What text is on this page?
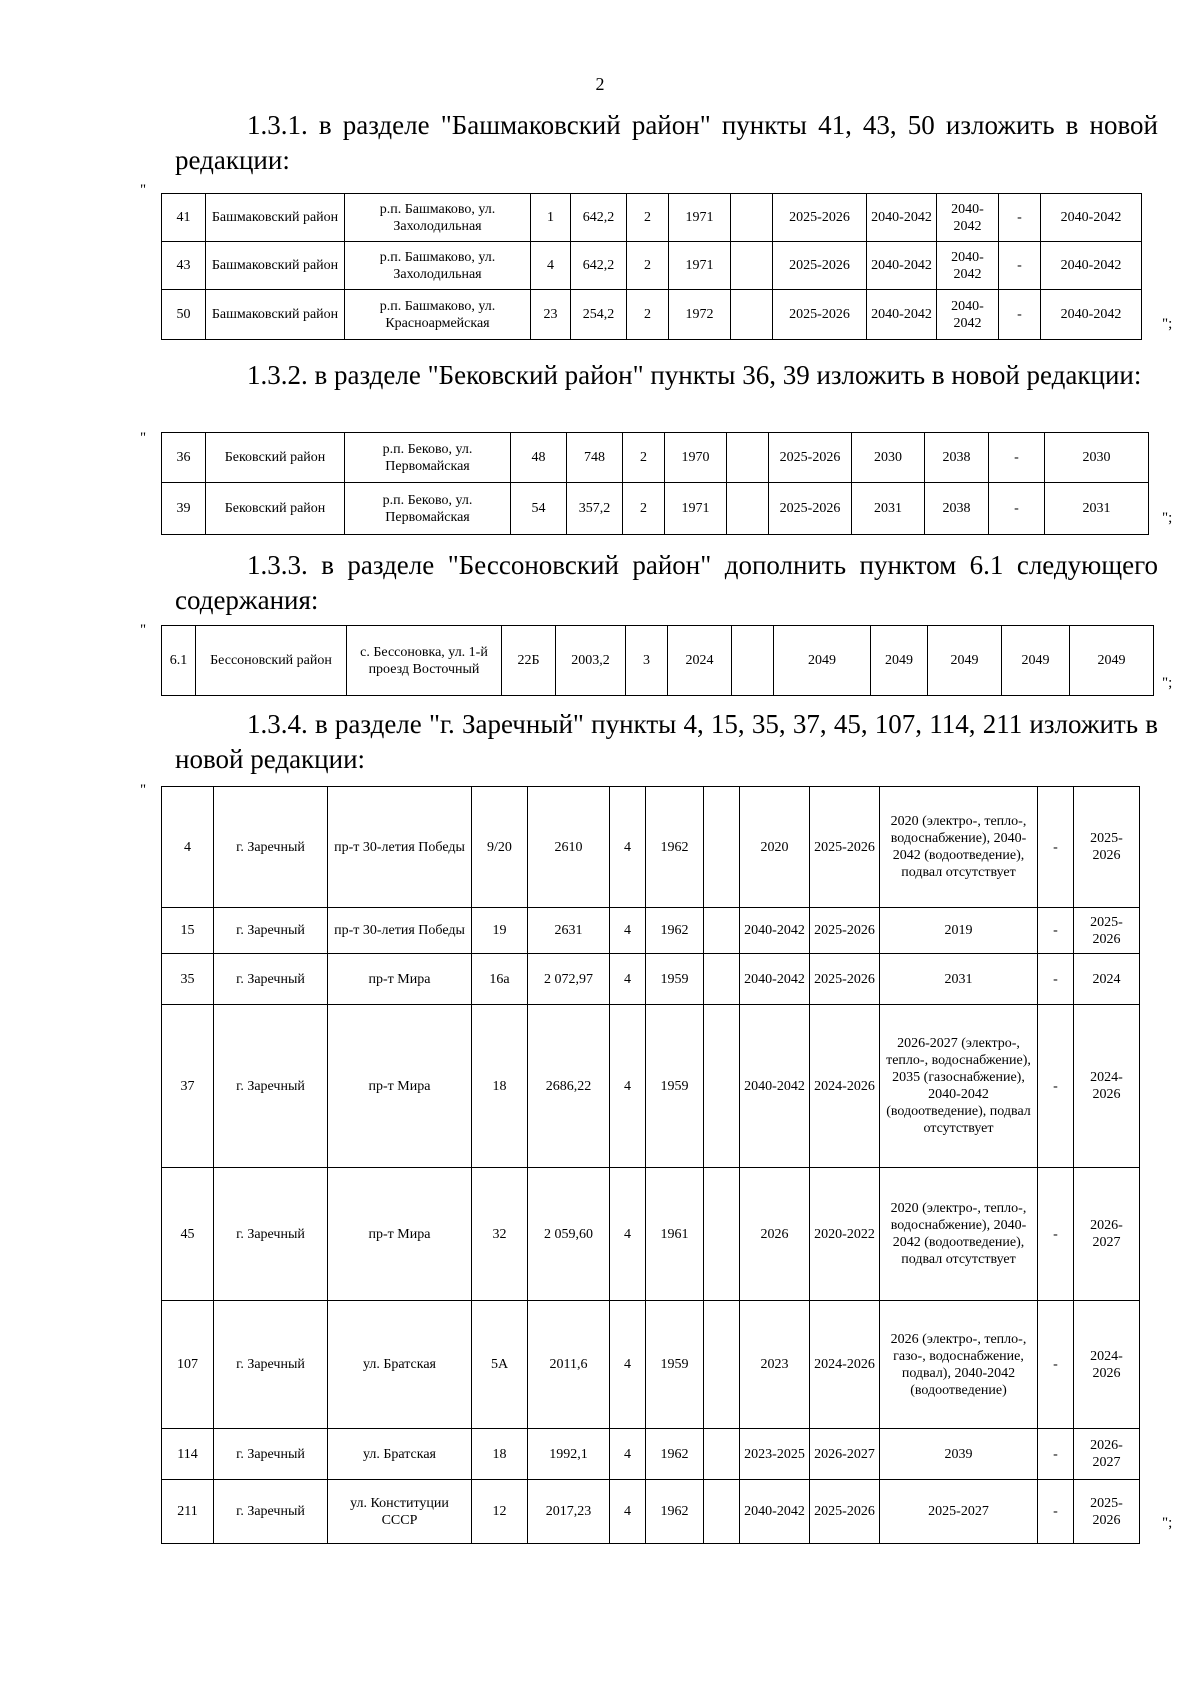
2
1.3.1. в разделе "Башмаковский район" пункты 41, 43, 50 изложить в новой редакции:
"
41	Башмаковский район	р.п. Башмаково, ул. Захолодильная	1	642,2	2	1971		2025-2026	2040-2042	2040-2042	-	2040-2042
43	Башмаковский район	р.п. Башмаково, ул. Захолодильная	4	642,2	2	1971		2025-2026	2040-2042	2040-2042	-	2040-2042
50	Башмаковский район	р.п. Башмаково, ул. Красноармейская	23	254,2	2	1972		2025-2026	2040-2042	2040-2042	-	2040-2042
";
1.3.2. в разделе "Бековский район" пункты 36, 39 изложить в новой редакции:
"
36	Бековский район	р.п. Беково, ул. Первомайская	48	748	2	1970		2025-2026	2030	2038	-	2030
39	Бековский район	р.п. Беково, ул. Первомайская	54	357,2	2	1971		2025-2026	2031	2038	-	2031
";
1.3.3. в разделе "Бессоновский район" дополнить пунктом 6.1 следующего содержания:
"
6.1	Бессоновский район	с. Бессоновка, ул. 1-й проезд Восточный	22Б	2003,2	3	2024		2049	2049	2049	2049	2049
";
1.3.4. в разделе "г. Заречный" пункты 4, 15, 35, 37, 45, 107, 114, 211 изложить в новой редакции:
"
4	г. Заречный	пр-т 30-летия Победы	9/20	2610	4	1962		2020	2025-2026	2020 (электро-, тепло-, водоснабжение), 2040- 2042 (водоотведение), подвал отсутствует	-	2025-2026
15	г. Заречный	пр-т 30-летия Победы	19	2631	4	1962		2040-2042	2025-2026	2019	-	2025-2026
35	г. Заречный	пр-т Мира	16а	2 072,97	4	1959		2040-2042	2025-2026	2031	-	2024
37	г. Заречный	пр-т Мира	18	2686,22	4	1959		2040-2042	2024-2026	2026-2027 (электро-, тепло-, водоснабжение), 2035 (газоснабжение), 2040-2042 (водоотведение), подвал отсутствует	-	2024-2026
45	г. Заречный	пр-т Мира	32	2 059,60	4	1961		2026	2020-2022	2020 (электро-, тепло-, водоснабжение), 2040-2042 (водоотведение), подвал отсутствует	-	2026-2027
107	г. Заречный	ул. Братская	5А	2011,6	4	1959		2023	2024-2026	2026 (электро-, тепло-, газо-, водоснабжение, подвал), 2040-2042 (водоотведение)	-	2024-2026
114	г. Заречный	ул. Братская	18	1992,1	4	1962		2023-2025	2026-2027	2039	-	2026-2027
211	г. Заречный	ул. Конституции СССР	12	2017,23	4	1962		2040-2042	2025-2026	2025-2027	-	2025-2026	";
